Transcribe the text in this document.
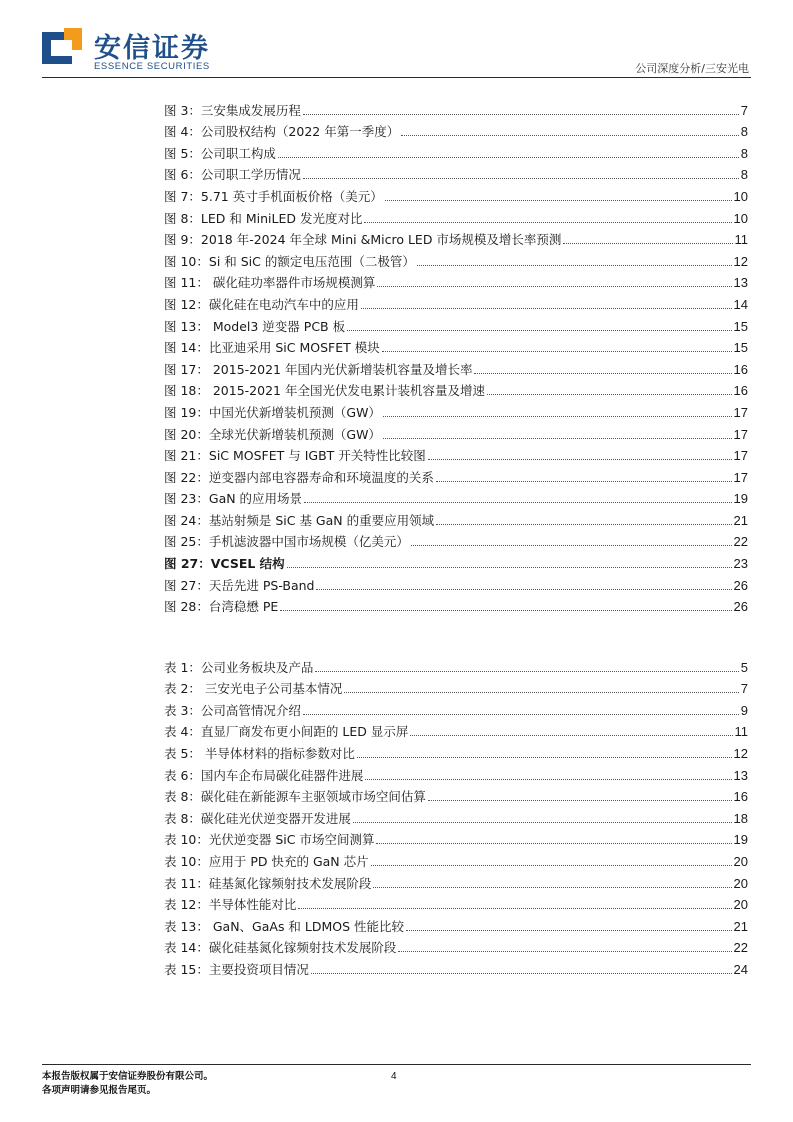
安信证券
ESSENCE SECURITIES	公司深度分析/三安光电
图 3：三安集成发展历程	7
图 4：公司股权结构（2022 年第一季度）	8
图 5：公司职工构成	8
图 6：公司职工学历情况	8
图 7：5.71 英寸手机面板价格（美元）	10
图 8：LED 和 MiniLED 发光度对比	10
图 9：2018 年-2024 年全球 Mini &Micro LED 市场规模及增长率预测	11
图 10：Si 和 SiC 的额定电压范围（二极管）	12
图 11： 碳化硅功率器件市场规模测算	13
图 12：碳化硅在电动汽车中的应用	14
图 13： Model3 逆变器 PCB 板	15
图 14：比亚迪采用 SiC MOSFET 模块	15
图 17： 2015-2021 年国内光伏新增装机容量及增长率	16
图 18： 2015-2021 年全国光伏发电累计装机容量及增速	16
图 19：中国光伏新增装机预测（GW）	17
图 20：全球光伏新增装机预测（GW）	17
图 21：SiC MOSFET 与 IGBT 开关特性比较图	17
图 22：逆变器内部电容器寿命和环境温度的关系	17
图 23：GaN 的应用场景	19
图 24：基站射频是 SiC 基 GaN 的重要应用领域	21
图 25：手机滤波器中国市场规模（亿美元）	22
图 27：VCSEL 结构	23
图 27：天岳先进 PS-Band	26
图 28：台湾稳懋 PE	26
表 1：公司业务板块及产品	5
表 2： 三安光电子公司基本情况	7
表 3：公司高管情况介绍	9
表 4：直显厂商发布更小间距的 LED 显示屏	11
表 5： 半导体材料的指标参数对比	12
表 6：国内车企布局碳化硅器件进展	13
表 8：碳化硅在新能源车主驱领域市场空间估算	16
表 8：碳化硅光伏逆变器开发进展	18
表 10：光伏逆变器 SiC 市场空间测算	19
表 10：应用于 PD 快充的 GaN 芯片	20
表 11：硅基氮化镓频射技术发展阶段	20
表 12：半导体性能对比	20
表 13： GaN、GaAs 和 LDMOS 性能比较	21
表 14：碳化硅基氮化镓频射技术发展阶段	22
表 15：主要投资项目情况	24
本报告版权属于安信证券股份有限公司。
各项声明请参见报告尾页。
4
